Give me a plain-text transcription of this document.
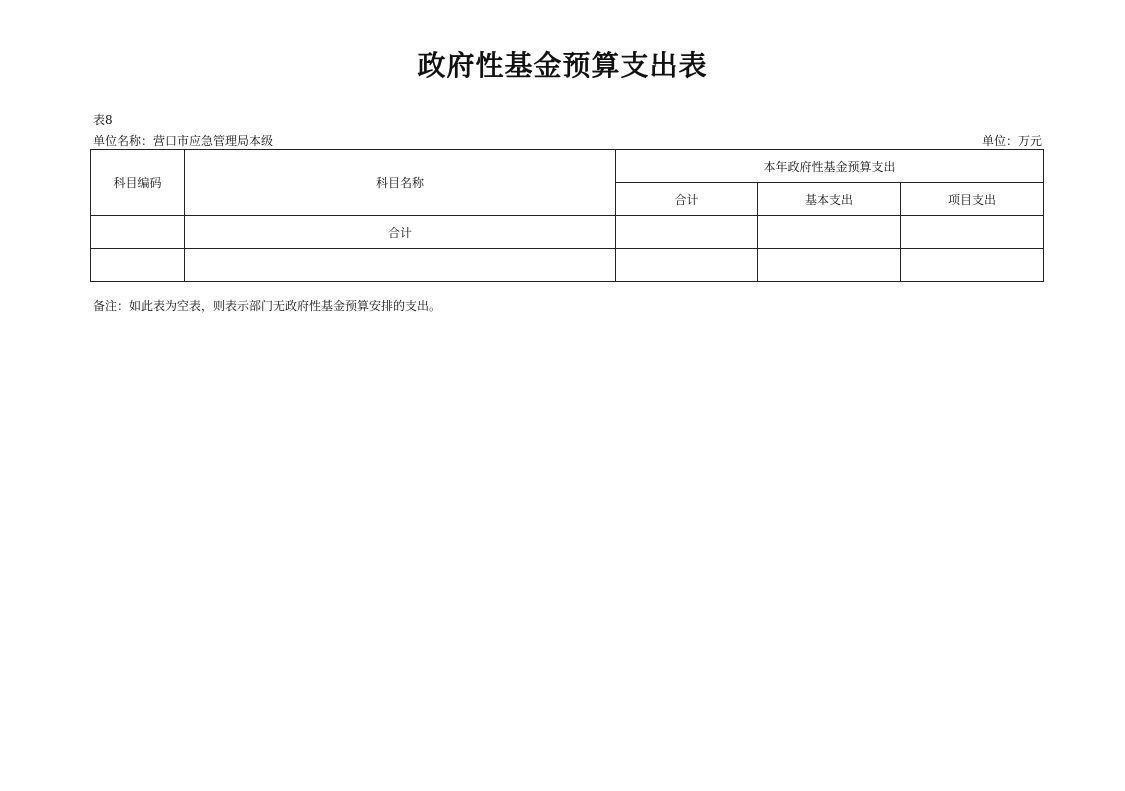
政府性基金预算支出表
表8
单位名称：营口市应急管理局本级	单位：万元
科目编码	科目名称	本年政府性基金预算支出		
		合计	基本支出	项目支出
	合计			

备注：如此表为空表，则表示部门无政府性基金预算安排的支出。
